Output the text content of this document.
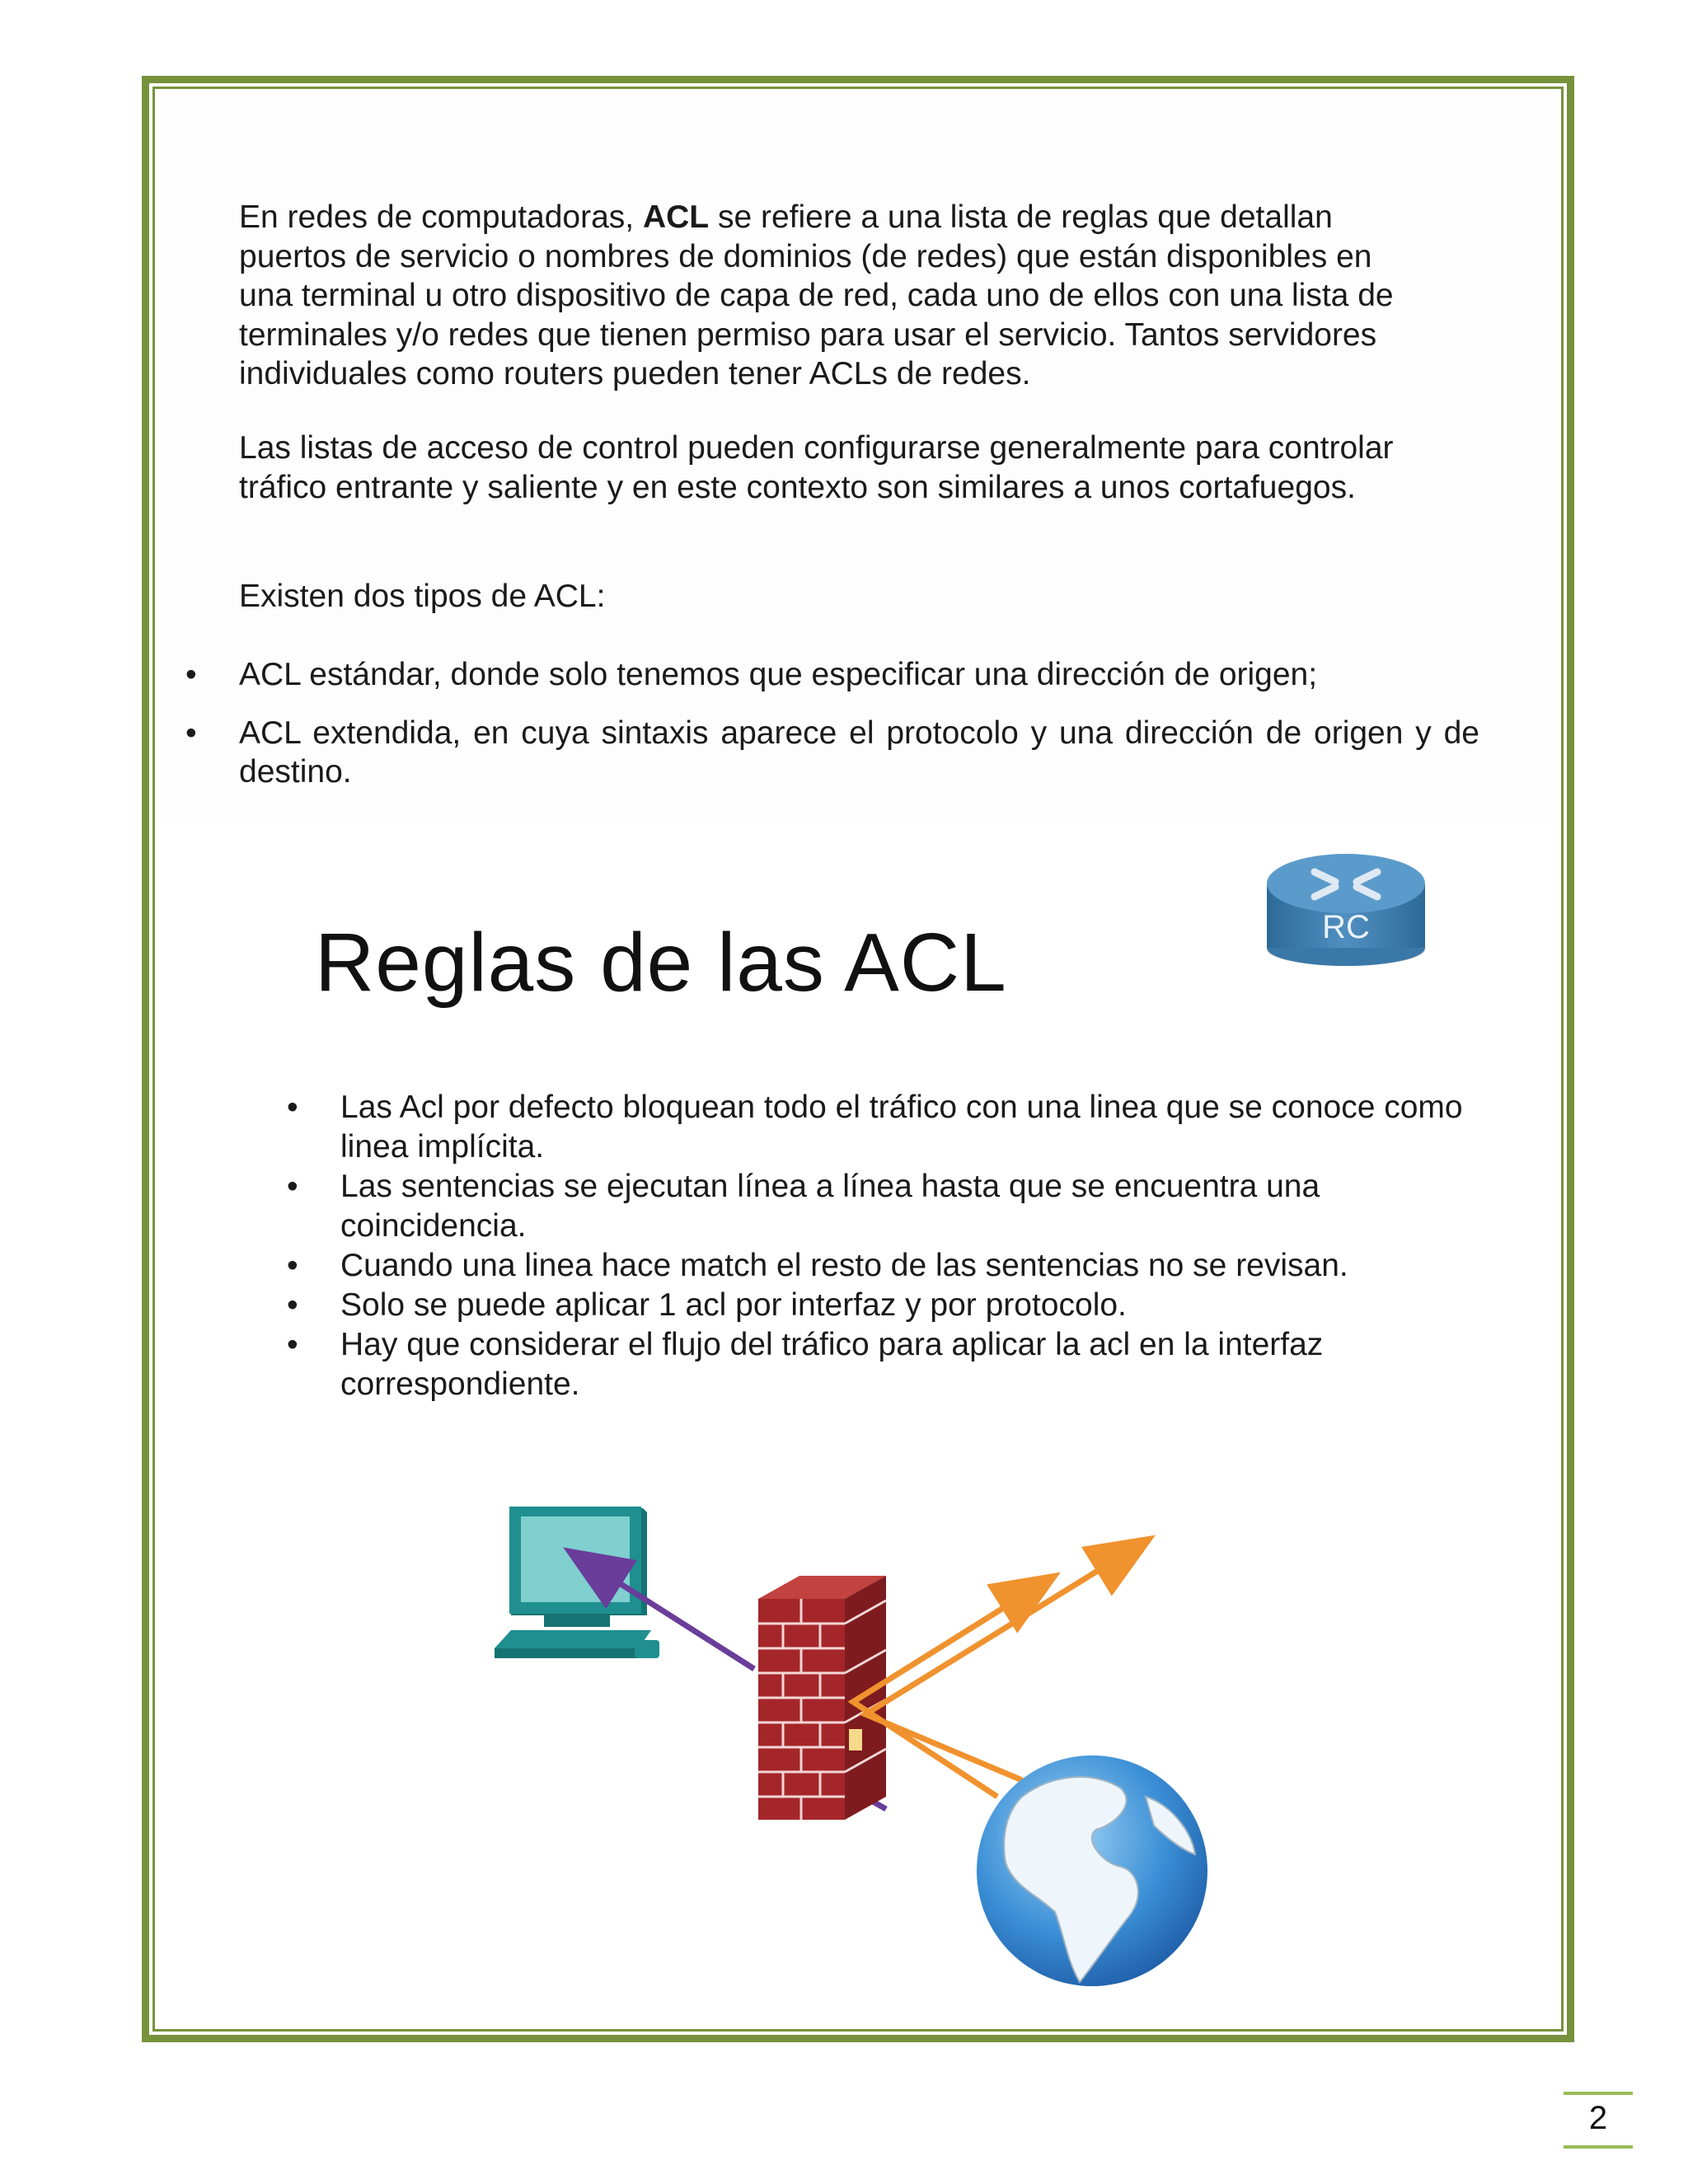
En redes de computadoras, ACL se refiere a una lista de reglas que detallan
puertos de servicio o nombres de dominios (de redes) que están disponibles en
una terminal u otro dispositivo de capa de red, cada uno de ellos con una lista de
terminales y/o redes que tienen permiso para usar el servicio. Tantos servidores
individuales como routers pueden tener ACLs de redes.
Las listas de acceso de control pueden configurarse generalmente para controlar
tráfico entrante y saliente y en este contexto son similares a unos cortafuegos.
Existen dos tipos de ACL:
•	ACL estándar, donde solo tenemos que especificar una dirección de origen;
•	ACL extendida, en cuya sintaxis aparece el protocolo y una dirección de origen y de destino.
Reglas de las ACL	RC
• Las Acl por defecto bloquean todo el tráfico con una linea que se conoce como linea implícita.
• Las sentencias se ejecutan línea a línea hasta que se encuentra una coincidencia.
• Cuando una linea hace match el resto de las sentencias no se revisan.
• Solo se puede aplicar 1 acl por interfaz y por protocolo.
• Hay que considerar el flujo del tráfico para aplicar la acl en la interfaz correspondiente.
2
